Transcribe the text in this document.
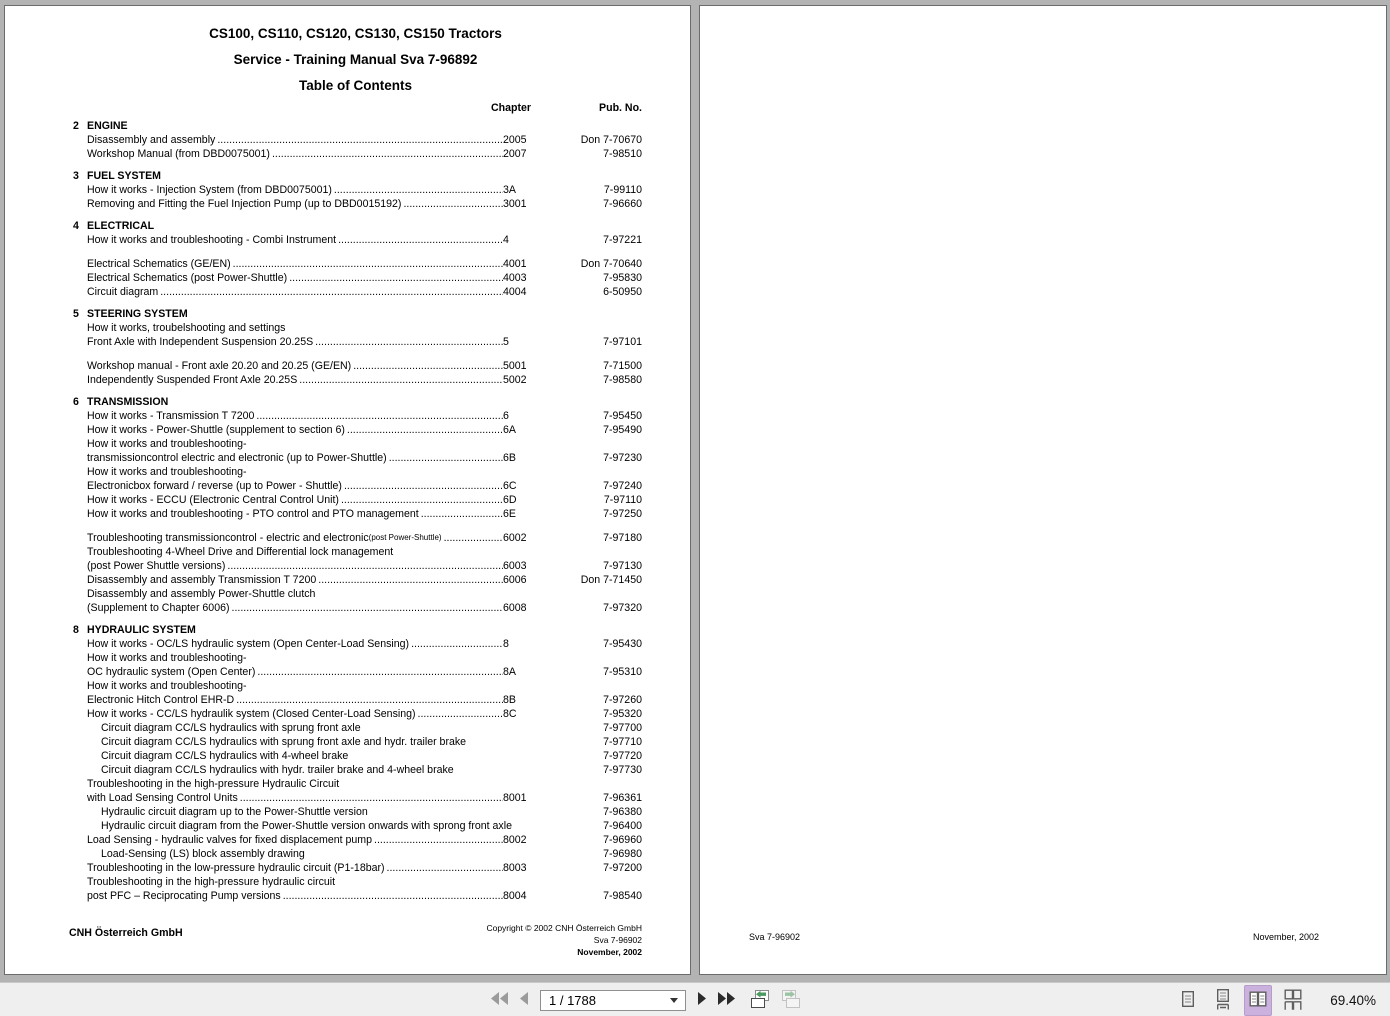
CS100, CS110, CS120, CS130, CS150 Tractors
Service - Training Manual Sva 7-96892
Table of Contents
Chapter	Pub. No.
2 ENGINE
Disassembly and assembly .....	2005	Don 7-70670
Workshop Manual (from DBD0075001) .....	2007	7-98510
3 FUEL SYSTEM
How it works - Injection System (from DBD0075001) .....	3A	7-99110
Removing and Fitting the Fuel Injection Pump (up to DBD0015192) .....	3001	7-96660
4 ELECTRICAL
How it works and troubleshooting - Combi Instrument .....	4	7-97221
Electrical Schematics (GE/EN) .....	4001	Don 7-70640
Electrical Schematics (post Power-Shuttle) .....	4003	7-95830
Circuit diagram .....	4004	6-50950
5 STEERING SYSTEM
How it works, troubelshooting and settings
Front Axle with Independent Suspension 20.25S .....	5	7-97101
Workshop manual - Front axle 20.20 and 20.25 (GE/EN) .....	5001	7-71500
Independently Suspended Front Axle 20.25S .....	5002	7-98580
6 TRANSMISSION
How it works - Transmission T 7200 .....	6	7-95450
How it works - Power-Shuttle (supplement to section 6) .....	6A	7-95490
How it works and troubleshooting-
transmissioncontrol electric and electronic (up to Power-Shuttle) .....	6B	7-97230
How it works and troubleshooting-
Electronicbox forward / reverse (up to Power - Shuttle) .....	6C	7-97240
How it works - ECCU (Electronic Central Control Unit) .....	6D	7-97110
How it works and troubleshooting - PTO control and PTO management .....	6E	7-97250
Troubleshooting transmissioncontrol - electric and electronic (post Power-Shuttle) .....	6002	7-97180
Troubleshooting 4-Wheel Drive and Differential lock management
(post Power Shuttle versions) .....	6003	7-97130
Disassembly and assembly Transmission T 7200 .....	6006	Don 7-71450
Disassembly and assembly Power-Shuttle clutch
(Supplement to Chapter 6006) .....	6008	7-97320
8 HYDRAULIC SYSTEM
How it works - OC/LS hydraulic system (Open Center-Load Sensing) .....	8	7-95430
How it works and troubleshooting-
OC hydraulic system (Open Center) .....	8A	7-95310
How it works and troubleshooting-
Electronic Hitch Control EHR-D .....	8B	7-97260
How it works - CC/LS hydraulik system (Closed Center-Load Sensing) .....	8C	7-95320
Circuit diagram CC/LS hydraulics with sprung front axle	7-97700
Circuit diagram CC/LS hydraulics with sprung front axle and hydr. trailer brake	7-97710
Circuit diagram CC/LS hydraulics with 4-wheel brake	7-97720
Circuit diagram CC/LS hydraulics with hydr. trailer brake and 4-wheel brake	7-97730
Troubleshooting in the high-pressure Hydraulic Circuit
with Load Sensing Control Units .....	8001	7-96361
Hydraulic circuit diagram up to the Power-Shuttle version	7-96380
Hydraulic circuit diagram from the Power-Shuttle version onwards with sprong front axle	7-96400
Load Sensing - hydraulic valves for fixed displacement pump .....	8002	7-96960
Load-Sensing (LS) block assembly drawing	7-96980
Troubleshooting in the low-pressure hydraulic circuit (P1-18bar) .....	8003	7-97200
Troubleshooting in the high-pressure hydraulic circuit
post PFC – Reciprocating Pump versions .....	8004	7-98540
CNH Österreich GmbH	Copyright © 2002 CNH Österreich GmbH
Sva 7-96902
November, 2002
Sva 7-96902	November, 2002
1 / 1788	69.40%
